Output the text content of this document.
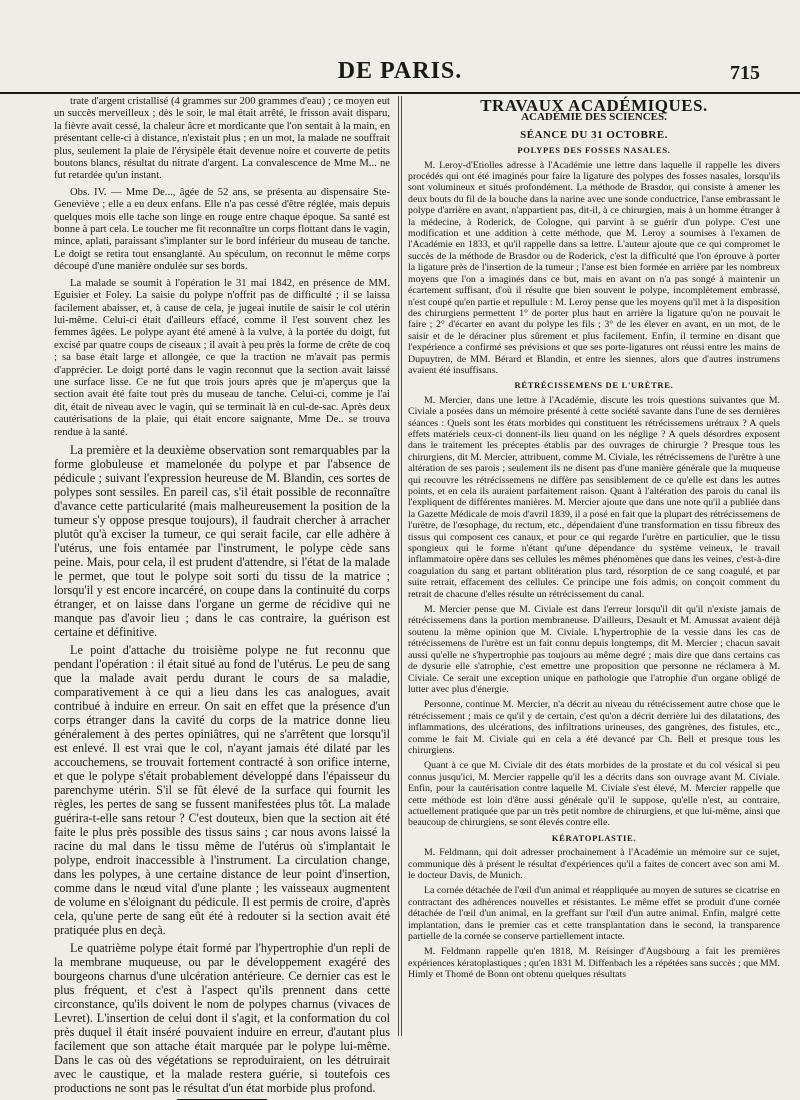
DE PARIS.	715

trate d'argent cristallisé (4 grammes sur 200 grammes d'eau) ; ce moyen eut un succès merveilleux ; dès le soir, le mal était arrêté, le frisson avait disparu, la fièvre avait cessé, la chaleur âcre et mordicante que l'on sentait à la main, en présentant celle-ci à distance, n'existait plus ; en un mot, la malade ne souffrait plus, seulement la plaie de l'érysipèle était devenue noire et couverte de petits boutons blancs, résultat du nitrate d'argent. La convalescence de Mme M... ne fut retardée qu'un instant.

Obs. IV. — Mme De..., âgée de 52 ans, se présenta au dispensaire Ste-Geneviève ; elle a eu deux enfans. Elle n'a pas cessé d'être réglée, mais depuis quelques mois elle tache son linge en rouge entre chaque époque. Sa santé est bonne à part cela. Le toucher me fit reconnaître un corps flottant dans le vagin, mince, aplati, paraissant s'implanter sur le bord inférieur du museau de tanche. Le doigt se retira tout ensanglanté. Au spéculum, on reconnut le même corps découpé d'une manière ondulée sur ses bords.

La malade se soumit à l'opération le 31 mai 1842, en présence de MM. Eguisier et Foley. La saisie du polype n'offrit pas de difficulté ; il se laissa facilement abaisser, et, à cause de cela, je jugeai inutile de saisir le col utérin lui-même. Celui-ci était d'ailleurs effacé, comme il l'est souvent chez les femmes âgées. Le polype ayant été amené à la vulve, à la portée du doigt, fut excisé par quatre coups de ciseaux ; il avait à peu près la forme de crête de coq ; sa base était large et allongée, ce que la traction ne m'avait pas permis d'apprécier. Le doigt porté dans le vagin reconnut que la section avait laissé une surface lisse. Ce ne fut que trois jours après que je m'aperçus que la section avait été faite tout près du museau de tanche. Celui-ci, comme je l'ai dit, était de niveau avec le vagin, qui se terminait là en cul-de-sac. Après deux cautérisations de la plaie, qui était encore saignante, Mme De.. se trouva rendue à la santé.

La première et la deuxième observation sont remarquables par la forme globuleuse et mamelonée du polype et par l'absence de pédicule ; suivant l'expression heureuse de M. Blandin, ces sortes de polypes sont sessiles. En pareil cas, s'il était possible de reconnaître d'avance cette particularité (mais malheureusement la position de la tumeur s'y oppose presque toujours), il faudrait chercher à arracher plutôt qu'à exciser la tumeur, ce qui serait facile, car elle adhère à l'utérus, une fois entamée par l'instrument, le polype cède sans peine. Mais, pour cela, il est prudent d'attendre, si l'état de la malade le permet, que tout le polype soit sorti du tissu de la matrice ; lorsqu'il y est encore incarcéré, on coupe dans la continuité du corps étranger, et on laisse dans l'organe un germe de récidive qui ne manque pas d'avoir lieu ; dans le cas contraire, la guérison est certaine et définitive.

Le point d'attache du troisième polype ne fut reconnu que pendant l'opération : il était situé au fond de l'utérus. Le peu de sang que la malade avait perdu durant le cours de sa maladie, comparativement à ce qui a lieu dans les cas analogues, avait contribué à induire en erreur. On sait en effet que la présence d'un corps étranger dans la cavité du corps de la matrice donne lieu généralement à des pertes opiniâtres, qui ne s'arrêtent que lorsqu'il est enlevé. Il est vrai que le col, n'ayant jamais été dilaté par les accouchemens, se trouvait fortement contracté à son orifice interne, et que le polype s'était probablement développé dans l'épaisseur du parenchyme utérin. S'il se fût élevé de la surface qui fournit les règles, les pertes de sang se fussent manifestées plus tôt. La malade guérira-t-elle sans retour ? C'est douteux, bien que la section ait été faite le plus près possible des tissus sains ; car nous avons laissé la racine du mal dans le tissu même de l'utérus où s'implantait le polype, endroit inaccessible à l'instrument. La circulation change, dans les polypes, à une certaine distance de leur point d'insertion, comme dans le nœud vital d'une plante ; les vaisseaux augmentent de volume en s'éloignant du pédicule. Il est permis de croire, d'après cela, qu'une perte de sang eût été à redouter si la section avait été pratiquée plus en deçà.

Le quatrième polype était formé par l'hypertrophie d'un repli de la membrane muqueuse, ou par le développement exagéré des bourgeons charnus d'une ulcération antérieure. Ce dernier cas est le plus fréquent, et c'est à l'aspect qu'ils prennent dans cette circonstance, qu'ils doivent le nom de polypes charnus (vivaces de Levret). L'insertion de celui dont il s'agit, et la conformation du col près duquel il était inséré pouvaient induire en erreur, d'autant plus facilement que son attache était marquée par le polype lui-même. Dans le cas où des végétations se reproduiraient, on les détruirait avec le caustique, et la malade restera guérie, si toutefois ces productions ne sont pas le résultat d'un état morbide plus profond.

TRAVAUX ACADÉMIQUES.
ACADÉMIE DES SCIENCES.
SÉANCE DU 31 OCTOBRE.
POLYPES DES FOSSES NASALES.

M. Leroy-d'Etiolles adresse à l'Académie une lettre dans laquelle il rappelle les divers procédés qui ont été imaginés pour faire la ligature des polypes des fosses nasales, lorsqu'ils sont volumineux et situés profondément. La méthode de Brasdor, qui consiste à amener les deux bouts du fil de la bouche dans la narine avec une sonde conductrice, l'anse embrassant le polype d'arrière en avant, n'appartient pas, dit-il, à ce chirurgien, mais à un homme étranger à la médecine, à Roderick, de Cologne, qui parvint à se guérir d'un polype. C'est une modification et une addition à cette méthode, que M. Leroy a soumises à l'examen de l'Académie en 1833, et qu'il rappelle dans sa lettre. L'auteur ajoute que ce qui compromet le succès de la méthode de Brasdor ou de Roderick, c'est la difficulté que l'on éprouve à porter la ligature près de l'insertion de la tumeur ; l'anse est bien formée en arrière par les nombreux moyens que l'on a imaginés dans ce but, mais en avant on n'a pas songé à maintenir un écartement suffisant, d'où il résulte que bien souvent le polype, incomplètement embrassé, n'est coupé qu'en partie et repullule : M. Leroy pense que les moyens qu'il met à la disposition des chirurgiens permettent 1° de porter plus haut en arrière la ligature qu'on ne pouvait le faire ; 2° d'écarter en avant du polype les fils ; 3° de les élever en avant, en un mot, de le saisir et de le déraciner plus sûrement et plus facilement. Enfin, il termine en disant que l'expérience a confirmé ses prévisions et que ses porte-ligatures ont réussi entre les mains de Dupuytren, de MM. Bérard et Blandin, et entre les siennes, alors que d'autres instrumens avaient été insuffisans.

RÉTRÉCISSEMENS DE L'URÈTRE.

M. Mercier, dans une lettre à l'Académie, discute les trois questions suivantes que M. Civiale a posées dans un mémoire présenté à cette société savante dans l'une de ses dernières séances : Quels sont les états morbides qui constituent les rétrécissemens urétraux ? A quels effets matériels ceux-ci donnent-ils lieu quand on les néglige ? A quels désordres exposent dans le traitement les préceptes établis par des ouvrages de chirurgie ? Presque tous les chirurgiens, dit M. Mercier, attribuent, comme M. Civiale, les rétrécissemens de l'urètre à une altération de ses parois ; seulement ils ne disent pas d'une manière générale que la muqueuse qui recouvre les rétrécissemens ne diffère pas sensiblement de ce qu'elle est dans les autres points, et en cela ils auraient parfaitement raison. Quant à l'altération des parois du canal ils l'expliquent de différentes manières. M. Mercier ajoute que dans une note qu'il a publiée dans la Gazette Médicale de mois d'avril 1839, il a posé en fait que la plupart des rétrécissemens de l'urètre, de l'œsophage, du rectum, etc., dépendaient d'une transformation en tissu fibreux des tissus qui composent ces canaux, et pour ce qui regarde l'urètre en particulier, que le tissu spongieux qui le forme n'étant qu'une dépendance du système veineux, le travail inflammatoire opère dans ses cellules les mêmes phénomènes que dans les veines, c'est-à-dire coagulation du sang et partant oblitération plus tard, résorption de ce sang coagulé, et par suite retrait, effacement des cellules. Ce principe une fois admis, on conçoit comment du retrait de chacune d'elles résulte un rétrécissement du canal.

M. Mercier pense que M. Civiale est dans l'erreur lorsqu'il dit qu'il n'existe jamais de rétrécissemens dans la portion membraneuse. D'ailleurs, Desault et M. Amussat avaient déjà soutenu la même opinion que M. Civiale. L'hypertrophie de la vessie dans les cas de rétrécissemens de l'urètre est un fait connu depuis longtemps, dit M. Mercier ; chacun savait aussi qu'elle ne s'hypertrophie pas toujours au même degré ; mais dire que dans certains cas de dysurie elle s'atrophie, c'est emettre une proposition que personne ne réclamera à M. Civiale. Ce serait une exception unique en pathologie que l'atrophie d'un organe obligé de lutter avec plus d'énergie.

Personne, continue M. Mercier, n'a décrit au niveau du rétrécissement autre chose que le rétrécissement ; mais ce qu'il y de certain, c'est qu'on a décrit derrière lui des dilatations, des inflammations, des ulcérations, des infiltrations urineuses, des gangrènes, des fistules, etc., comme le fait M. Civiale qui en cela a été devancé par Ch. Bell et presque tous les chirurgiens.

Quant à ce que M. Civiale dit des états morbides de la prostate et du col vésical si peu connus jusqu'ici, M. Mercier rappelle qu'il les a décrits dans son ouvrage avant M. Civiale. Enfin, pour la cautérisation contre laquelle M. Civiale s'est élevé, M. Mercier rappelle que cette méthode est loin d'être aussi générale qu'il le suppose, qu'elle n'est, au contraire, actuellement pratiquée que par un très petit nombre de chirurgiens, et que lui-même, ainsi que beaucoup de chirurgiens, se sont élevés contre elle.

KÉRATOPLASTIE.

M. Feldmann, qui doit adresser prochainement à l'Académie un mémoire sur ce sujet, communique dès à présent le résultat d'expériences qu'il a faites de concert avec son ami M. le docteur Davis, de Munich.

La cornée détachée de l'œil d'un animal et réappliquée au moyen de sutures se cicatrise en contractant des adhérences nouvelles et résistantes. Le même effet se produit d'une cornée détachée de l'œil d'un animal, en la greffant sur l'œil d'un autre animal. Enfin, malgré cette implantation, dans le premier cas et cette transplantation dans le second, la transparence partielle de la cornée se conserve partiellement intacte.

M. Feldmann rappelle qu'en 1818, M. Reisinger d'Augsbourg a fait les premières expériences kératoplastiques ; qu'en 1831 M. Diffenbach les a répétées sans succès ; que MM. Himly et Thomé de Bonn ont obtenu quelques résultats
